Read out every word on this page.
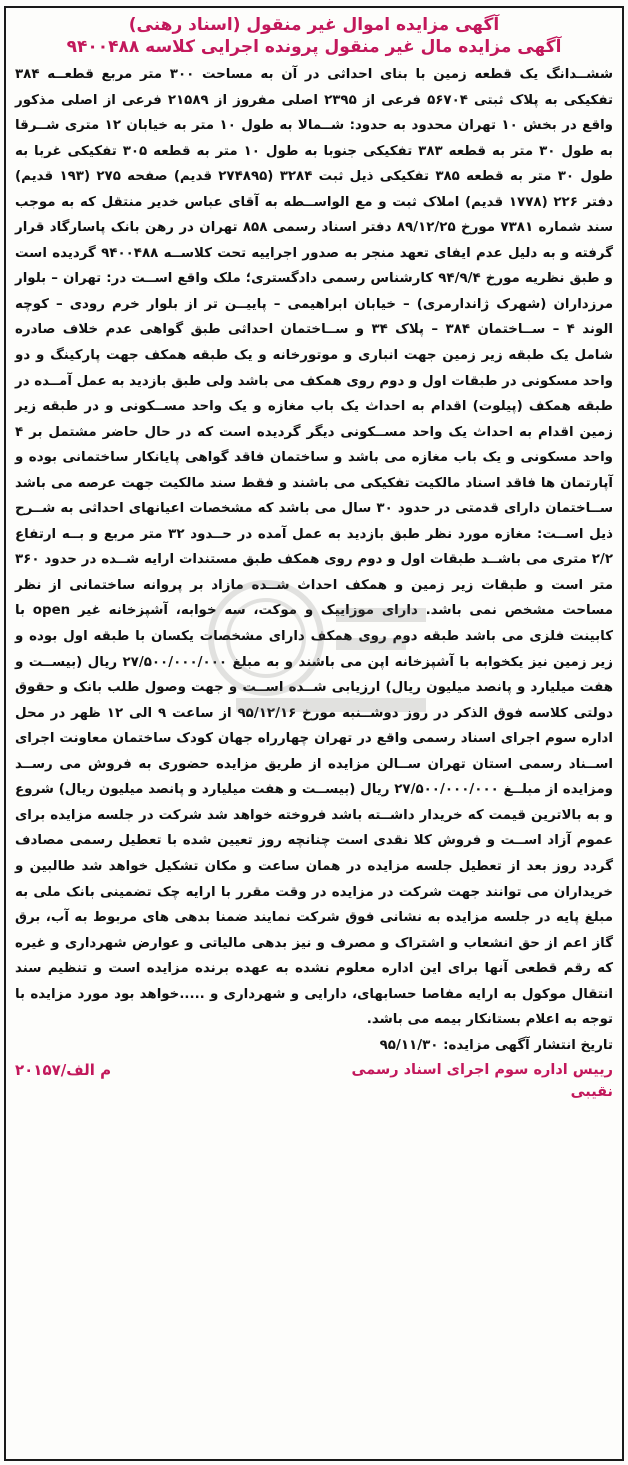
آگهی مزایده اموال غیر منقول (اسناد رهنی)
آگهی مزایده مال غیر منقول پرونده اجرایی کلاسه ۹۴۰۰۴۸۸

ششــدانگ یک قطعه زمین با بنای احداثی در آن به مساحت ۳۰۰ متر مربع قطعــه ۳۸۴ تفکیکی به پلاک ثبتی ۵۶۷۰۴ فرعی از ۲۳۹۵ اصلی مفروز از ۲۱۵۸۹ فرعی از اصلی مذکور واقع در بخش ۱۰ تهران محدود به حدود: شــمالا به طول ۱۰ متر به خیابان ۱۲ متری شــرقا به طول ۳۰ متر به قطعه ۳۸۳ تفکیکی جنوبا به طول ۱۰ متر به قطعه ۳۰۵ تفکیکی غربا به طول ۳۰ متر به قطعه ۳۸۵ تفکیکی ذیل ثبت ۳۲۸۴ (۲۷۴۸۹۵ قدیم) صفحه ۲۷۵ (۱۹۳ قدیم) دفتر ۲۲۶ (۱۷۷۸ قدیم) املاک ثبت و مع الواســطه به آقای عباس خدیر منتقل که به موجب سند شماره ۷۳۸۱ مورخ ۸۹/۱۲/۲۵ دفتر اسناد رسمی ۸۵۸ تهران در رهن بانک پاسارگاد قرار گرفته و به دلیل عدم ایفای تعهد منجر به صدور اجراییه تحت کلاســه ۹۴۰۰۴۸۸ گردیده است و طبق نظریه مورخ ۹۴/۹/۴ کارشناس رسمی دادگستری؛ ملک واقع اســت در: تهران – بلوار مرزداران (شهرک ژاندارمری) – خیابان ابراهیمی – پاییــن تر از بلوار خرم رودی – کوچه الوند ۴ – ســاختمان ۳۸۴ – پلاک ۳۴ و ســاختمان احداثی طبق گواهی عدم خلاف صادره شامل یک طبقه زیر زمین جهت انباری و موتورخانه و یک طبقه همکف جهت پارکینگ و دو واحد مسکونی در طبقات اول و دوم روی همکف می باشد ولی طبق بازدید به عمل آمــده در طبقه همکف (پیلوت) اقدام به احداث یک باب مغازه و یک واحد مســکونی و در طبقه زیر زمین اقدام به احداث یک واحد مســکونی دیگر گردیده است که در حال حاضر مشتمل بر ۴ واحد مسکونی و یک باب مغازه می باشد و ساختمان فاقد گواهی پایانکار ساختمانی بوده و آپارتمان ها فاقد اسناد مالکیت تفکیکی می باشند و فقط سند مالکیت جهت عرصه می باشد ســاختمان دارای قدمتی در حدود ۳۰ سال می باشد که مشخصات اعیانهای احداثی به شــرح ذیل اســت: مغازه مورد نظر طبق بازدید به عمل آمده در حــدود ۳۲ متر مربع و بــه ارتفاع ۲/۲ متری می باشــد طبقات اول و دوم روی همکف طبق مستندات ارایه شــده در حدود ۳۶۰ متر است و طبقات زیر زمین و همکف احداث شــده مازاد بر پروانه ساختمانی از نظر مساحت مشخص نمی باشد. دارای موزاییک و موکت، سه خوابه، آشپزخانه غیر open با کابینت فلزی می باشد طبقه دوم روی همکف دارای مشخصات یکسان با طبقه اول بوده و زیر زمین نیز یکخوابه با آشپزخانه اپن می باشند و به مبلغ ۲۷/۵۰۰/۰۰۰/۰۰۰ ریال (بیســت و هفت میلیارد و پانصد میلیون ریال) ارزیابی شــده اســت و جهت وصول طلب بانک و حقوق دولتی کلاسه فوق الذکر در روز دوشــنبه مورخ ۹۵/۱۲/۱۶ از ساعت ۹ الی ۱۲ ظهر در محل اداره سوم اجرای اسناد رسمی واقع در تهران چهارراه جهان کودک ساختمان معاونت اجرای اســناد رسمی استان تهران ســالن مزایده از طریق مزایده حضوری به فروش می رســد ومزایده از مبلــغ ۲۷/۵۰۰/۰۰۰/۰۰۰ ریال (بیســت و هفت میلیارد و پانصد میلیون ریال) شروع و به بالاترین قیمت که خریدار داشــته باشد فروخته خواهد شد شرکت در جلسه مزایده برای عموم آزاد اســت و فروش کلا نقدی است چنانچه روز تعیین شده با تعطیل رسمی مصادف گردد روز بعد از تعطیل جلسه مزایده در همان ساعت و مکان تشکیل خواهد شد طالبین و خریداران می توانند جهت شرکت در مزایده در وقت مقرر با ارایه چک تضمینی بانک ملی به مبلغ پایه در جلسه مزایده به نشانی فوق شرکت نمایند ضمنا بدهی های مربوط به آب، برق گاز اعم از حق انشعاب و اشتراک و مصرف و نیز بدهی مالیاتی و عوارض شهرداری و غیره که رقم قطعی آنها برای این اداره معلوم نشده به عهده برنده مزایده است و تنظیم سند انتقال موکول به ارایه مفاصا حسابهای، دارایی و شهرداری و .....خواهد بود مورد مزایده با توجه به اعلام بستانکار بیمه می باشد.

تاریخ انتشار آگهی مزایده: ۹۵/۱۱/۳۰

رییس اداره سوم اجرای اسناد رسمی
نقیبی
م الف/۲۰۱۵۷
